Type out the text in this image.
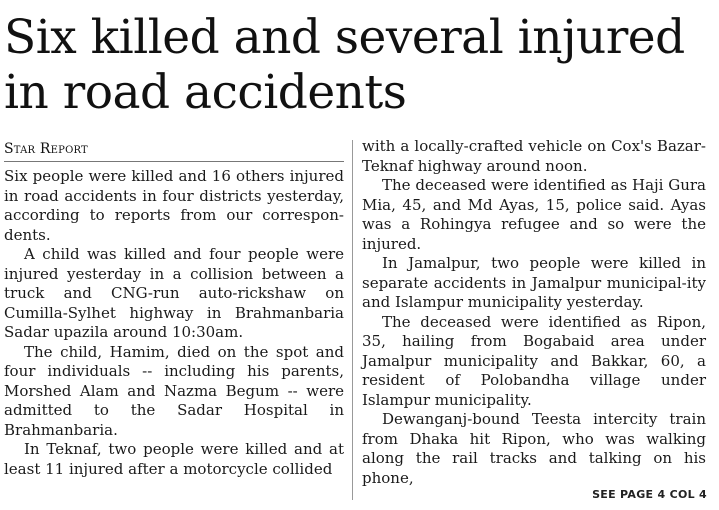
Six killed and several injured
in road accidents
Star Report

Six people were killed and 16 others injured in road accidents in four districts yesterday, according to reports from our correspon-dents.

A child was killed and four people were injured yesterday in a collision between a truck and CNG-run auto-rickshaw on Cumilla-Sylhet highway in Brahmanbaria Sadar upazila around 10:30am.

The child, Hamim, died on the spot and four individuals -- including his parents, Morshed Alam and Nazma Begum -- were admitted to the Sadar Hospital in Brahmanbaria.

In Teknaf, two people were killed and at least 11 injured after a motorcycle collided

with a locally-crafted vehicle on Cox's Bazar-Teknaf highway around noon.

The deceased were identified as Haji Gura Mia, 45, and Md Ayas, 15, police said. Ayas was a Rohingya refugee and so were the injured.

In Jamalpur, two people were killed in separate accidents in Jamalpur municipal-ity and Islampur municipality yesterday.

The deceased were identified as Ripon, 35, hailing from Bogabaid area under Jamalpur municipality and Bakkar, 60, a resident of Polobandha village under Islampur municipality.

Dewanganj-bound Teesta intercity train from Dhaka hit Ripon, who was walking along the rail tracks and talking on his phone,

SEE PAGE 4 COL 4
